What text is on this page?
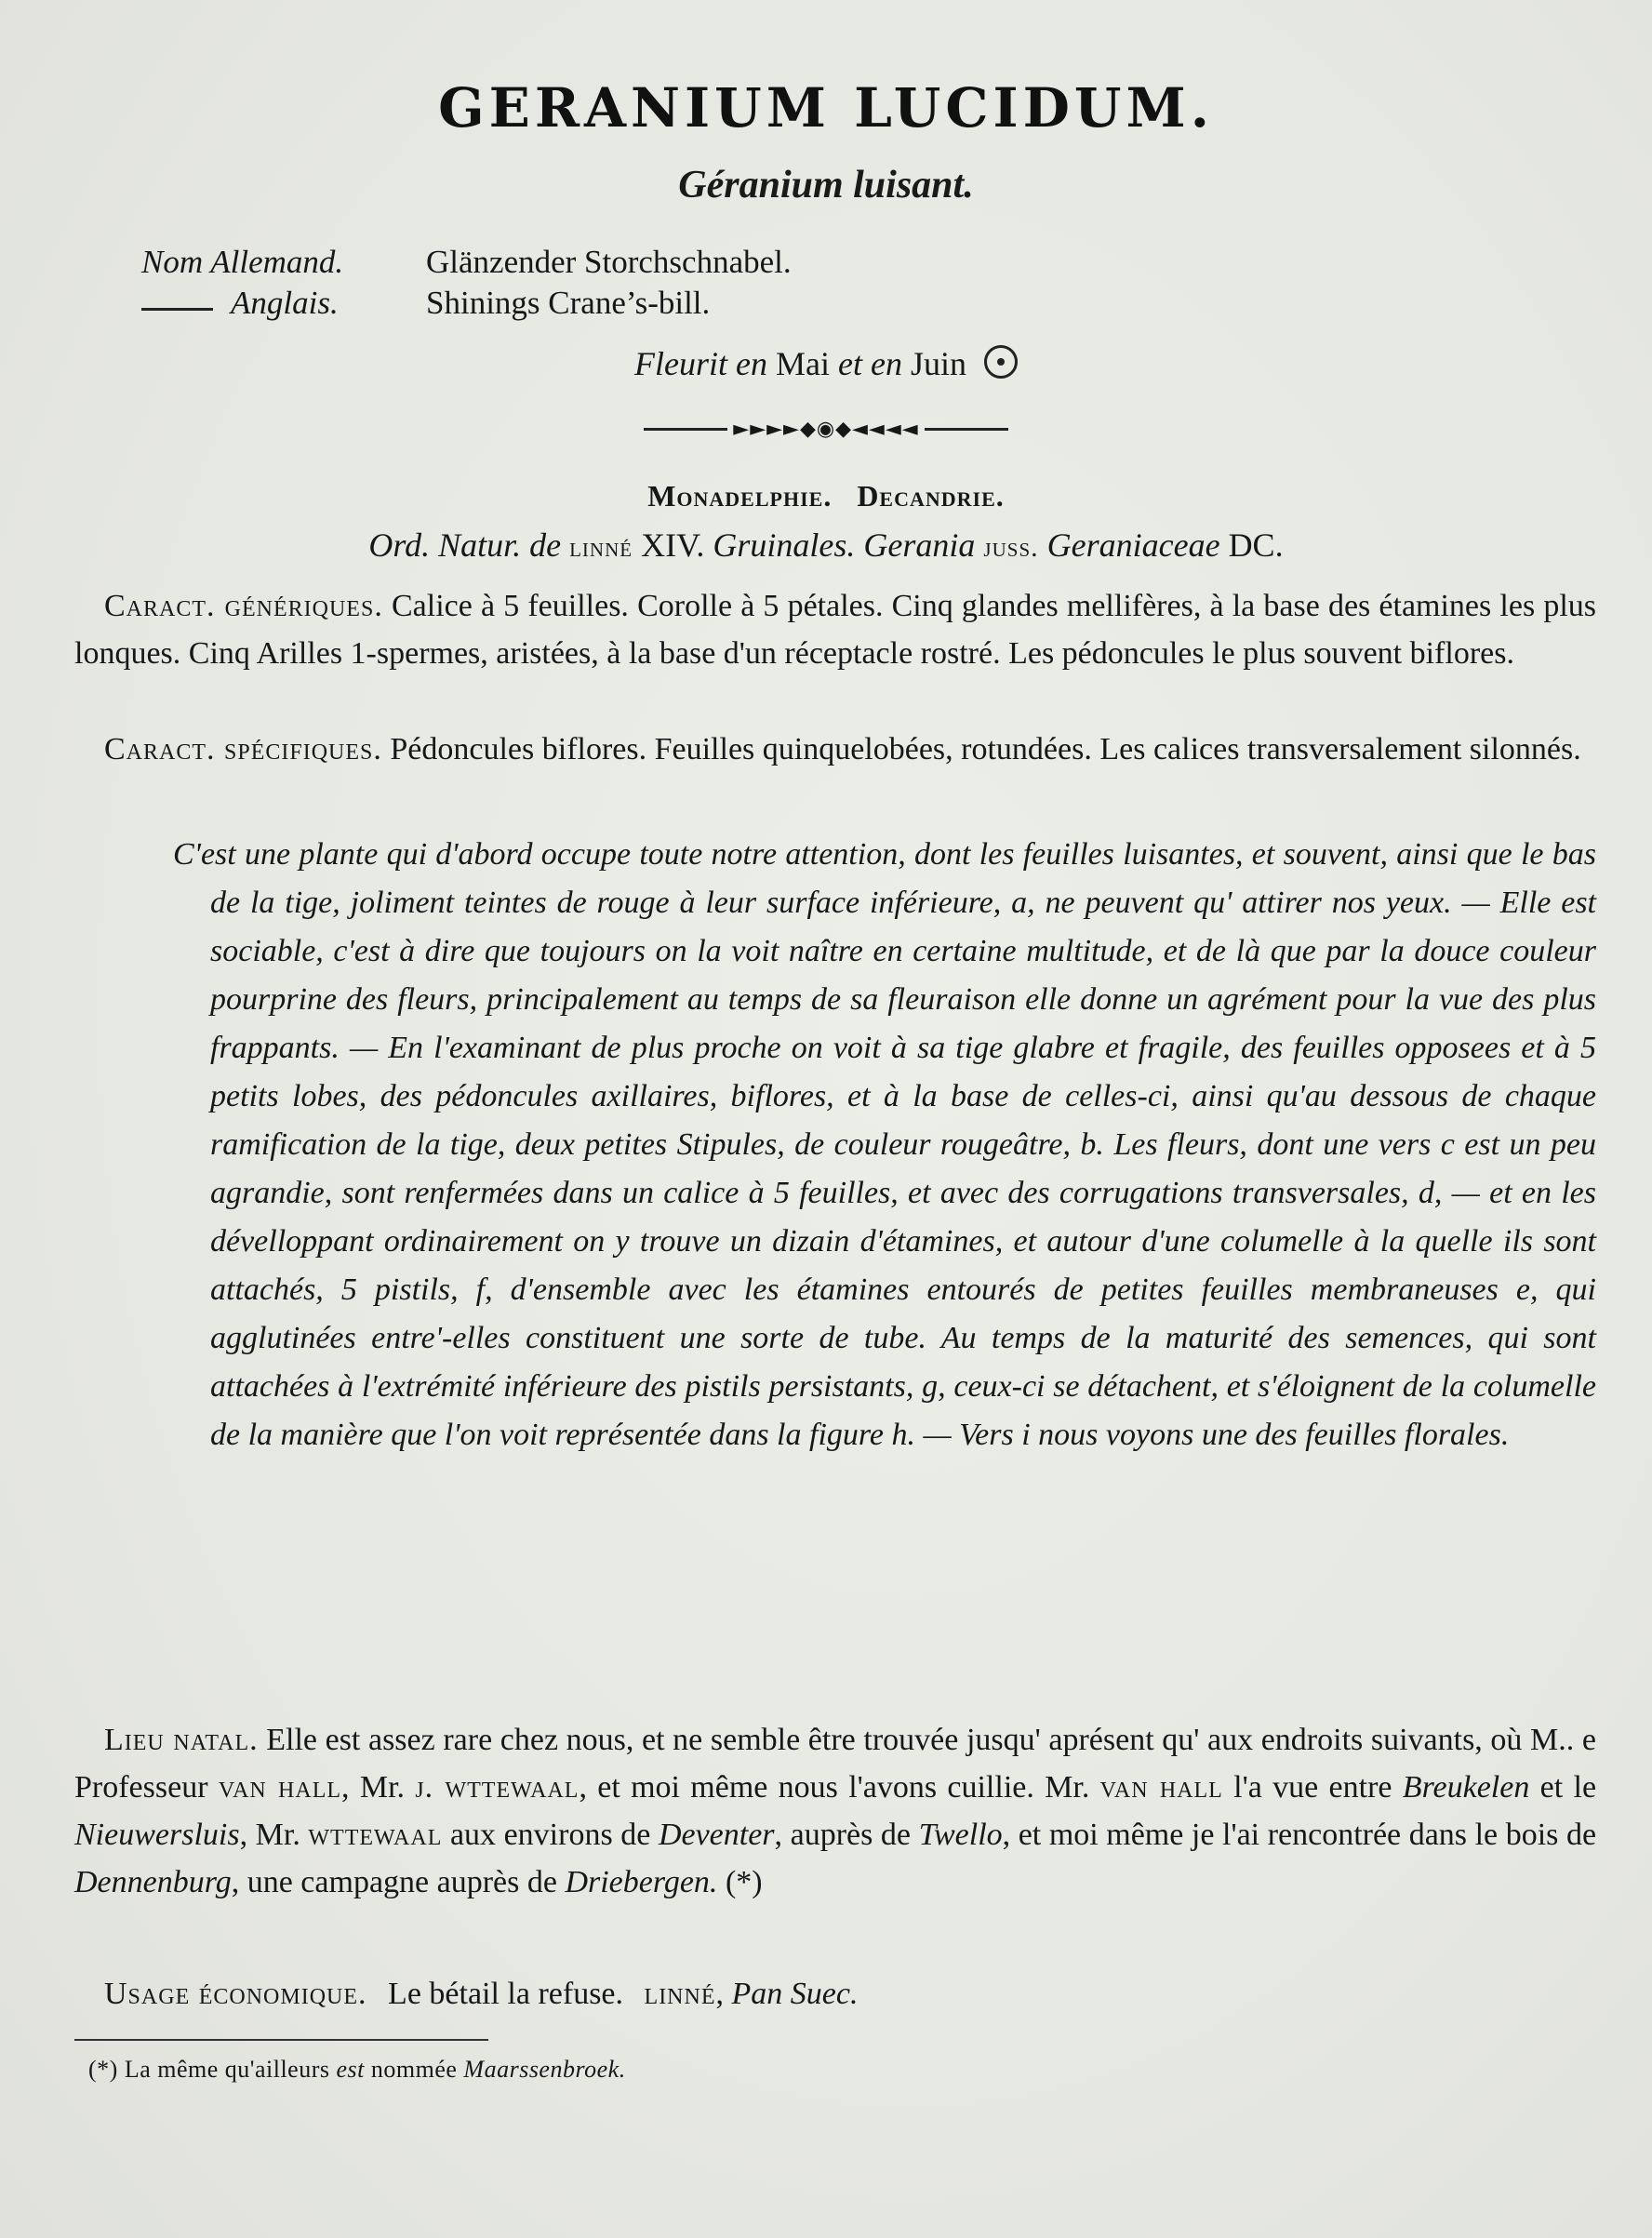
GERANIUM LUCIDUM.
Géranium luisant.
Nom Allemand.	Glänzender Storchschnabel.
Anglais.	Shinings Crane’s-bill.
Fleurit en Mai et en Juin
►►►►◆◉◆◄◄◄◄
Monadelphie.   Decandrie.
Ord. Natur. de linné XIV. Gruinales. Gerania juss. Geraniaceae DC.
Caract. génériques. Calice à 5 feuilles. Corolle à 5 pétales. Cinq glandes mellifères, à la base des étamines les plus lonques. Cinq Arilles 1-spermes, aristées, à la base d'un réceptacle rostré. Les pédoncules le plus souvent biflores.
Caract. spécifiques. Pédoncules biflores. Feuilles quinquelobées, rotundées. Les calices transversalement silonnés.
C'est une plante qui d'abord occupe toute notre attention, dont les feuilles luisantes, et souvent, ainsi que le bas de la tige, joliment teintes de rouge à leur surface inférieure, a, ne peuvent qu' attirer nos yeux. — Elle est sociable, c'est à dire que toujours on la voit naître en certaine multitude, et de là que par la douce couleur pourprine des fleurs, principalement au temps de sa fleuraison elle donne un agrément pour la vue des plus frappants. — En l'examinant de plus proche on voit à sa tige glabre et fragile, des feuilles opposees et à 5 petits lobes, des pédoncules axillaires, biflores, et à la base de celles-ci, ainsi qu'au dessous de chaque ramification de la tige, deux petites Stipules, de couleur rougeâtre, b. Les fleurs, dont une vers c est un peu agrandie, sont renfermées dans un calice à 5 feuilles, et avec des corrugations transversales, d, — et en les dévelloppant ordinairement on y trouve un dizain d'étamines, et autour d'une columelle à la quelle ils sont attachés, 5 pistils, f, d'ensemble avec les étamines entourés de petites feuilles membraneuses e, qui agglutinées entre'-elles constituent une sorte de tube. Au temps de la maturité des semences, qui sont attachées à l'extrémité inférieure des pistils persistants, g, ceux-ci se détachent, et s'éloignent de la columelle de la manière que l'on voit représentée dans la figure h. — Vers i nous voyons une des feuilles florales.
Lieu natal. Elle est assez rare chez nous, et ne semble être trouvée jusqu' aprésent qu' aux endroits suivants, où M.. e Professeur van hall, Mr. j. wttewaal, et moi même nous l'avons cuillie. Mr. van hall l'a vue entre Breukelen et le Nieuwersluis, Mr. wttewaal aux environs de Deventer, auprès de Twello, et moi même je l'ai rencontrée dans le bois de Dennenburg, une campagne auprès de Driebergen. (*)
Usage économique. Le bétail la refuse. linné, Pan Suec.
(*) La même qu'ailleurs est nommée Maarssenbroek.
